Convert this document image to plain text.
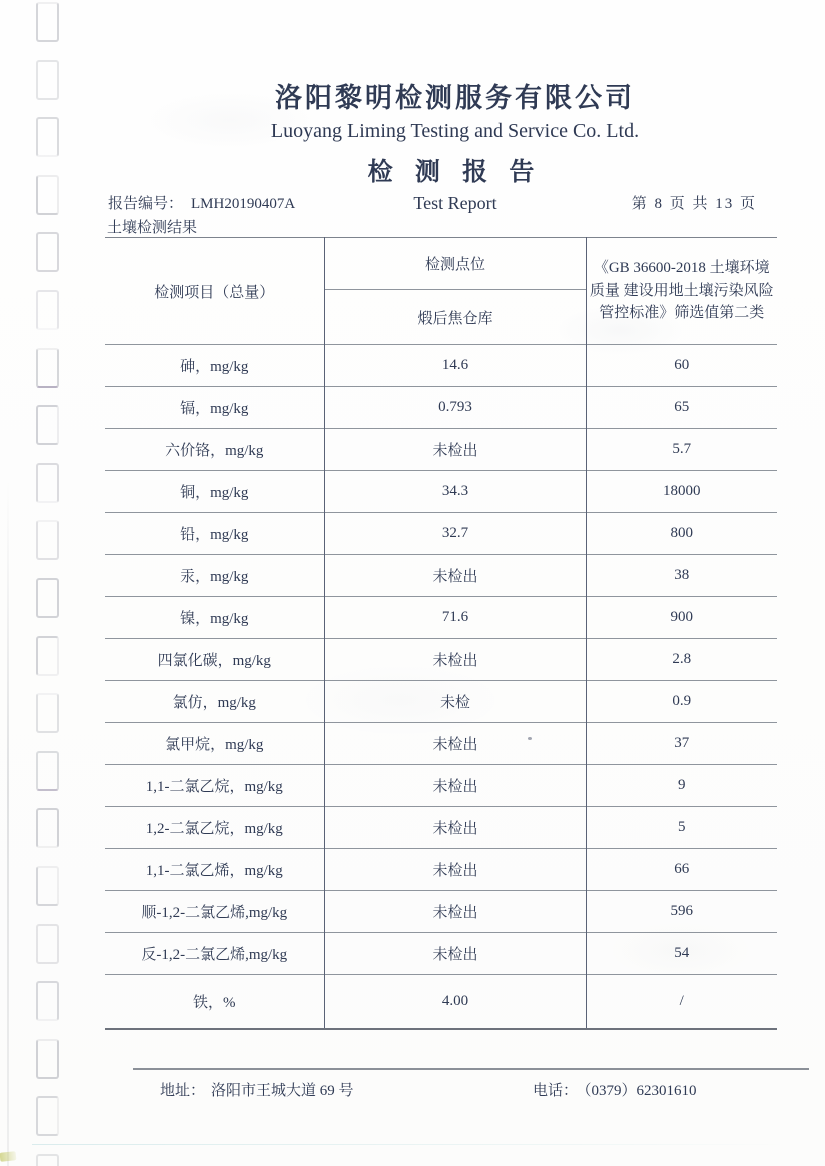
洛阳黎明检测服务有限公司
Luoyang Liming Testing and Service Co. Ltd.
检 测 报 告
Test Report
报告编号： LMH20190407A	第 8 页 共 13 页
土壤检测结果
检测项目（总量）	检测点位	《GB 36600-2018 土壤环境质量 建设用地土壤污染风险管控标准》筛选值第二类
	煅后焦仓库	
砷，mg/kg	14.6	60
镉，mg/kg	0.793	65
六价铬，mg/kg	未检出	5.7
铜，mg/kg	34.3	18000
铅，mg/kg	32.7	800
汞，mg/kg	未检出	38
镍，mg/kg	71.6	900
四氯化碳，mg/kg	未检出	2.8
氯仿，mg/kg	未检	0.9
氯甲烷，mg/kg	未检出	37
1,1-二氯乙烷，mg/kg	未检出	9
1,2-二氯乙烷，mg/kg	未检出	5
1,1-二氯乙烯，mg/kg	未检出	66
顺-1,2-二氯乙烯,mg/kg	未检出	596
反-1,2-二氯乙烯,mg/kg	未检出	54
铁，%	4.00	/
地址： 洛阳市王城大道 69 号	电话： （0379）62301610
